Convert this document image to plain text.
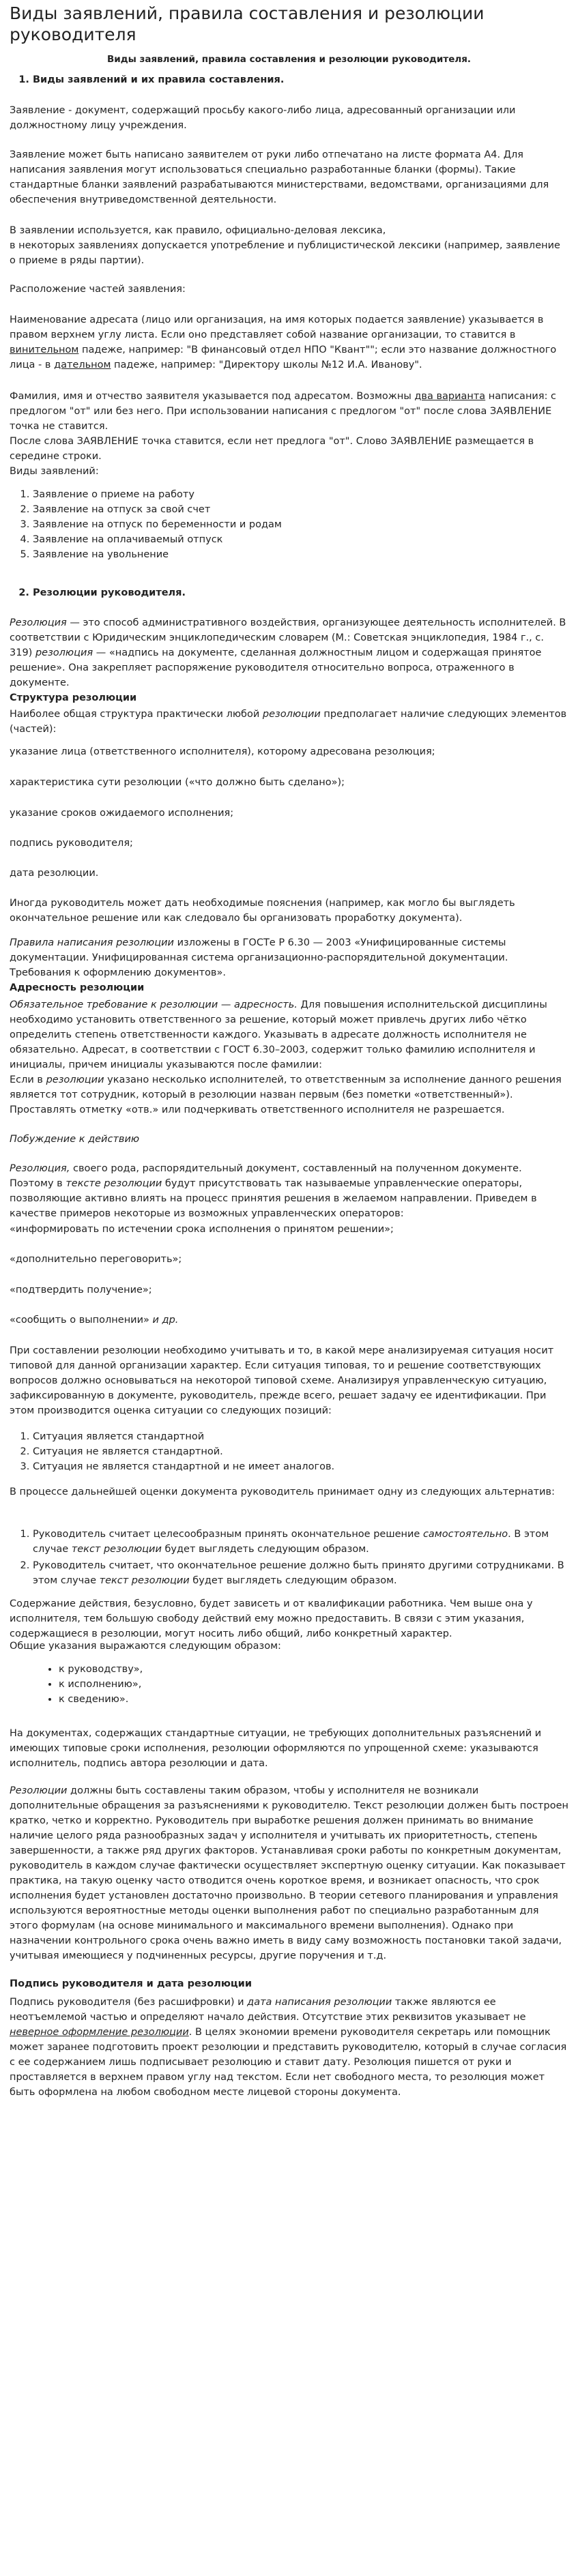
Виды заявлений, правила составления и резолюции руководителя
Виды заявлений, правила составления и резолюции руководителя.
1. Виды заявлений и их правила составления.

Заявление - документ, содержащий просьбу какого-либо лица, адресованный организации или должностному лицу учреждения.

Заявление может быть написано заявителем от руки либо отпечатано на листе формата А4. Для написания заявления могут использоваться специально разработанные бланки (формы). Такие стандартные бланки заявлений разрабатываются министерствами, ведомствами, организациями для обеспечения внутриведомственной деятельности.

В заявлении используется, как правило, официально-деловая лексика,

в некоторых заявлениях допускается употребление и публицистической лексики (например, заявление о приеме в ряды партии).

Расположение частей заявления:

Наименование адресата (лицо или организация, на имя которых подается заявление) указывается в правом верхнем углу листа. Если оно представляет собой название организации, то ставится в винительном падеже, например: "В финансовый отдел НПО "Квант""; если это название должностного лица - в дательном падеже, например: "Директору школы №12 И.А. Иванову".

Фамилия, имя и отчество заявителя указывается под адресатом. Возможны два варианта написания: с предлогом "от" или без него. При использовании написания с предлогом "от" после слова ЗАЯВЛЕНИЕ точка не ставится.

После слова ЗАЯВЛЕНИЕ точка ставится, если нет предлога "от". Слово ЗАЯВЛЕНИЕ размещается в середине строки.

Виды заявлений:

1. Заявление о приеме на работу
2. Заявление на отпуск за свой счет
3. Заявление на отпуск по беременности и родам
4. Заявление на оплачиваемый отпуск
5. Заявление на увольнение
2. Резолюции руководителя.

Резолюция — это способ административного воздействия, организующее деятельность исполнителей. В соответствии с Юридическим энциклопедическим словарем (М.: Советская энциклопедия, 1984 г., с. 319) резолюция — «надпись на документе, сделанная должностным лицом и содержащая принятое решение». Она закрепляет распоряжение руководителя относительно вопроса, отраженного в документе.

Структура резолюции

Наиболее общая структура практически любой резолюции предполагает наличие следующих элементов (частей):

указание лица (ответственного исполнителя), которому адресована резолюция;

характеристика сути резолюции («что должно быть сделано»);

указание сроков ожидаемого исполнения;

подпись руководителя;

дата резолюции.

Иногда руководитель может дать необходимые пояснения (например, как могло бы выглядеть окончательное решение или как следовало бы организовать проработку документа).

Правила написания резолюции изложены в ГОСТе Р 6.30 — 2003 «Унифицированные системы документации. Унифицированная система организационно-распорядительной документации. Требования к оформлению документов».

Адресность резолюции

Обязательное требование к резолюции — адресность. Для повышения исполнительской дисциплины необходимо установить ответственного за решение, который может привлечь других либо чётко определить степень ответственности каждого. Указывать в адресате должность исполнителя не обязательно. Адресат, в соответствии с ГОСТ 6.30–2003, содержит только фамилию исполнителя и инициалы, причем инициалы указываются после фамилии:

Если в резолюции указано несколько исполнителей, то ответственным за исполнение данного решения является тот сотрудник, который в резолюции назван первым (без пометки «ответственный»). Проставлять отметку «отв.» или подчеркивать ответственного исполнителя не разрешается.

Побуждение к действию

Резолюция, своего рода, распорядительный документ, составленный на полученном документе. Поэтому в тексте резолюции будут присутствовать так называемые управленческие операторы, позволяющие активно влиять на процесс принятия решения в желаемом направлении. Приведем в качестве примеров некоторые из возможных управленческих операторов:

«информировать по истечении срока исполнения о принятом решении»;

«дополнительно переговорить»;

«подтвердить получение»;

«сообщить о выполнении» и др.

При составлении резолюции необходимо учитывать и то, в какой мере анализируемая ситуация носит типовой для данной организации характер. Если ситуация типовая, то и решение соответствующих вопросов должно основываться на некоторой типовой схеме. Анализируя управленческую ситуацию, зафиксированную в документе, руководитель, прежде всего, решает задачу ее идентификации. При этом производится оценка ситуации со следующих позиций:

1. Ситуация является стандартной
2. Ситуация не является стандартной.
3. Ситуация не является стандартной и не имеет аналогов.

В процессе дальнейшей оценки документа руководитель принимает одну из следующих альтернатив:

1. Руководитель считает целесообразным принять окончательное решение самостоятельно. В этом случае текст резолюции будет выглядеть следующим образом.
2. Руководитель считает, что окончательное решение должно быть принято другими сотрудниками. В этом случае текст резолюции будет выглядеть следующим образом.

Содержание действия, безусловно, будет зависеть и от квалификации работника. Чем выше она у исполнителя, тем большую свободу действий ему можно предоставить. В связи с этим указания, содержащиеся в резолюции, могут носить либо общий, либо конкретный характер.

Общие указания выражаются следующим образом:

• к руководству»,
• к исполнению»,
• к сведению».

На документах, содержащих стандартные ситуации, не требующих дополнительных разъяснений и имеющих типовые сроки исполнения, резолюции оформляются по упрощенной схеме: указываются исполнитель, подпись автора резолюции и дата.

Резолюции должны быть составлены таким образом, чтобы у исполнителя не возникали дополнительные обращения за разъяснениями к руководителю. Текст резолюции должен быть построен кратко, четко и корректно. Руководитель при выработке решения должен принимать во внимание наличие целого ряда разнообразных задач у исполнителя и учитывать их приоритетность, степень завершенности, а также ряд других факторов. Устанавливая сроки работы по конкретным документам, руководитель в каждом случае фактически осуществляет экспертную оценку ситуации. Как показывает практика, на такую оценку часто отводится очень короткое время, и возникает опасность, что срок исполнения будет установлен достаточно произвольно. В теории сетевого планирования и управления используются вероятностные методы оценки выполнения работ по специально разработанным для этого формулам (на основе минимального и максимального времени выполнения). Однако при назначении контрольного срока очень важно иметь в виду саму возможность постановки такой задачи, учитывая имеющиеся у подчиненных ресурсы, другие поручения и т.д.

Подпись руководителя и дата резолюции

Подпись руководителя (без расшифровки) и дата написания резолюции также являются ее неотъемлемой частью и определяют начало действия. Отсутствие этих реквизитов указывает не неверное оформление резолюции. В целях экономии времени руководителя секретарь или помощник может заранее подготовить проект резолюции и представить руководителю, который в случае согласия с ее содержанием лишь подписывает резолюцию и ставит дату. Резолюция пишется от руки и проставляется в верхнем правом углу над текстом. Если нет свободного места, то резолюция может быть оформлена на любом свободном месте лицевой стороны документа.
